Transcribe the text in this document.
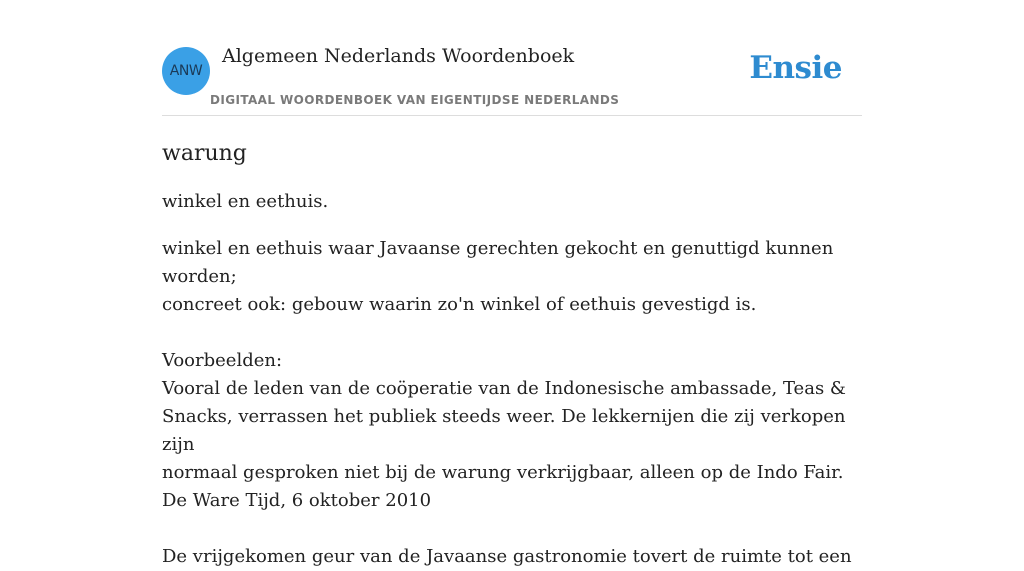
ANW
Algemeen Nederlands Woordenboek
DIGITAAL WOORDENBOEK VAN EIGENTIJDSE NEDERLANDS
Ensie
warung

winkel en eethuis.

winkel en eethuis waar Javaanse gerechten gekocht en genuttigd kunnen worden;
concreet ook: gebouw waarin zo'n winkel of eethuis gevestigd is.
Voorbeelden:
Vooral de leden van de coöperatie van de Indonesische ambassade, Teas &
Snacks, verrassen het publiek steeds weer. De lekkernijen die zij verkopen zijn
normaal gesproken niet bij de warung verkrijgbaar, alleen op de Indo Fair.
De Ware Tijd, 6 oktober 2010
De vrijgekomen geur van de Javaanse gastronomie tovert de ruimte tot een
